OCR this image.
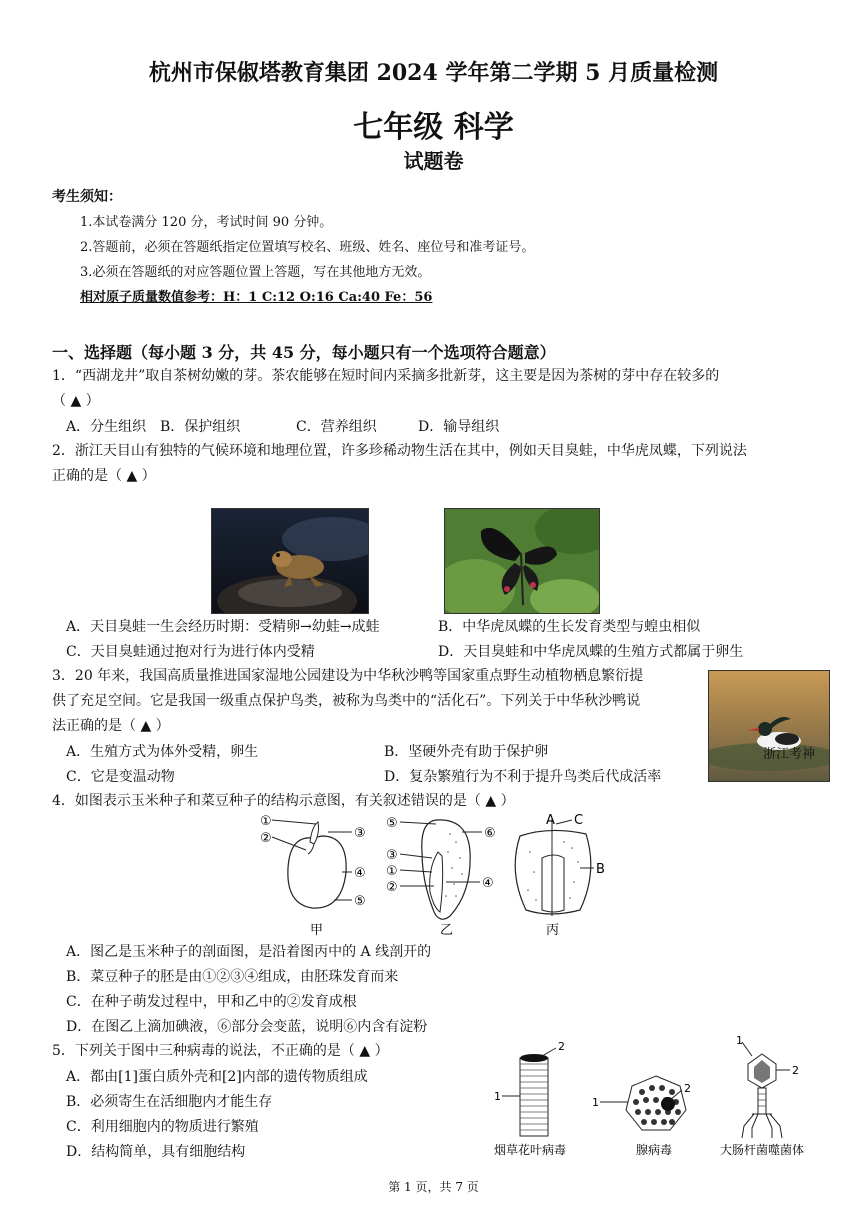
杭州市保俶塔教育集团 2024 学年第二学期 5 月质量检测
七年级 科学
试题卷
考生须知：
1.本试卷满分 120 分，考试时间 90 分钟。
2.答题前，必须在答题纸指定位置填写校名、班级、姓名、座位号和准考证号。
3.必须在答题纸的对应答题位置上答题，写在其他地方无效。
相对原子质量数值参考：H：1 C:12 O:16 Ca:40 Fe：56
一、选择题（每小题 3 分，共 45 分，每小题只有一个选项符合题意）
1．“西湖龙井”取自茶树幼嫩的芽。茶农能够在短时间内采摘多批新芽，这主要是因为茶树的芽中存在较多的
（ ▲ ）
A．分生组织 B．保护组织	C．营养组织	D．输导组织
2．浙江天目山有独特的气候环境和地理位置，许多珍稀动物生活在其中，例如天目臭蛙，中华虎凤蝶，下列说法
正确的是（ ▲ ）
A．天目臭蛙一生会经历时期：受精卵→幼蛙→成蛙	B．中华虎凤蝶的生长发育类型与蝗虫相似
C．天目臭蛙通过抱对行为进行体内受精	D．天目臭蛙和中华虎凤蝶的生殖方式都属于卵生
3．20 年来，我国高质量推进国家湿地公园建设为中华秋沙鸭等国家重点野生动植物栖息繁衍提
供了充足空间。它是我国一级重点保护鸟类，被称为鸟类中的“活化石”。下列关于中华秋沙鸭说
法正确的是（ ▲ ）
A．生殖方式为体外受精，卵生	B．坚硬外壳有助于保护卵
C．它是变温动物	D．复杂繁殖行为不利于提升鸟类后代成活率
浙江考神
4．如图表示玉米种子和菜豆种子的结构示意图，有关叙述错误的是（ ▲ ）
①
②	③
④
⑤
甲
⑤
⑥
③
①
②	④
乙
A C
B
丙
A．图乙是玉米种子的剖面图，是沿着图丙中的 A 线剖开的
B．菜豆种子的胚是由①②③④组成，由胚珠发育而来
C．在种子萌发过程中，甲和乙中的②发育成根
D．在图乙上滴加碘液，⑥部分会变蓝，说明⑥内含有淀粉
5．下列关于图中三种病毒的说法，不正确的是（ ▲ ）
A．都由[1]蛋白质外壳和[2]内部的遗传物质组成
B．必须寄生在活细胞内才能生存
C．利用细胞内的物质进行繁殖
D．结构简单，具有细胞结构
2
1
烟草花叶病毒
2
1
腺病毒
1
2
大肠杆菌噬菌体
第 1 页，共 7 页
